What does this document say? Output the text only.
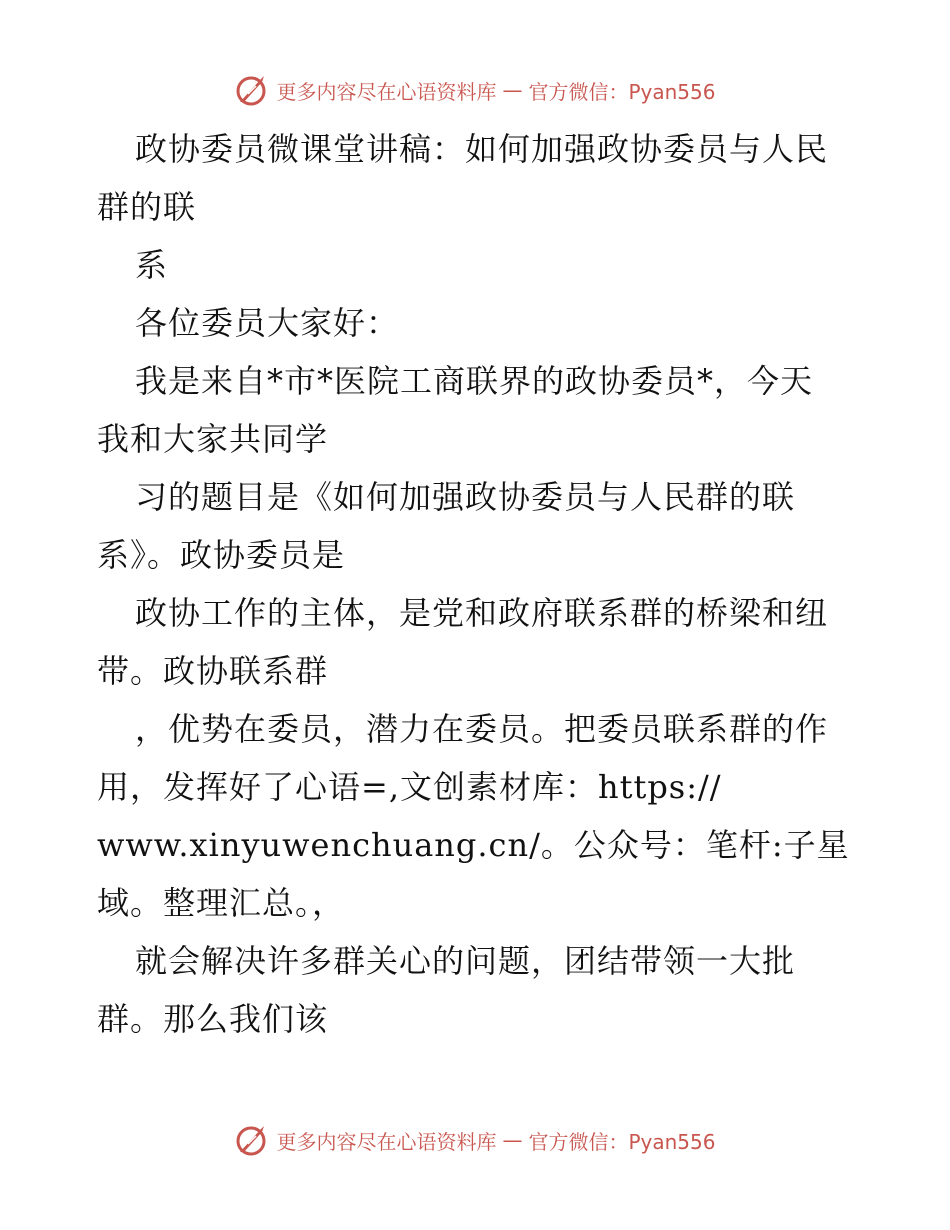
更多内容尽在心语资料库 — 官方微信：Pyan556
政协委员微课堂讲稿：如何加强政协委员与人民
群的联
系
各位委员大家好：
我是来自*市*医院工商联界的政协委员*，今天
我和大家共同学
习的题目是《如何加强政协委员与人民群的联
系》。政协委员是
政协工作的主体，是党和政府联系群的桥梁和纽
带。政协联系群
，优势在委员，潜力在委员。把委员联系群的作
用，发挥好了心语=,文创素材库：https://
www.xinyuwenchuang.cn/。公众号：笔杆:子星
域。整理汇总。，
就会解决许多群关心的问题，团结带领一大批
群。那么我们该
更多内容尽在心语资料库 — 官方微信：Pyan556
